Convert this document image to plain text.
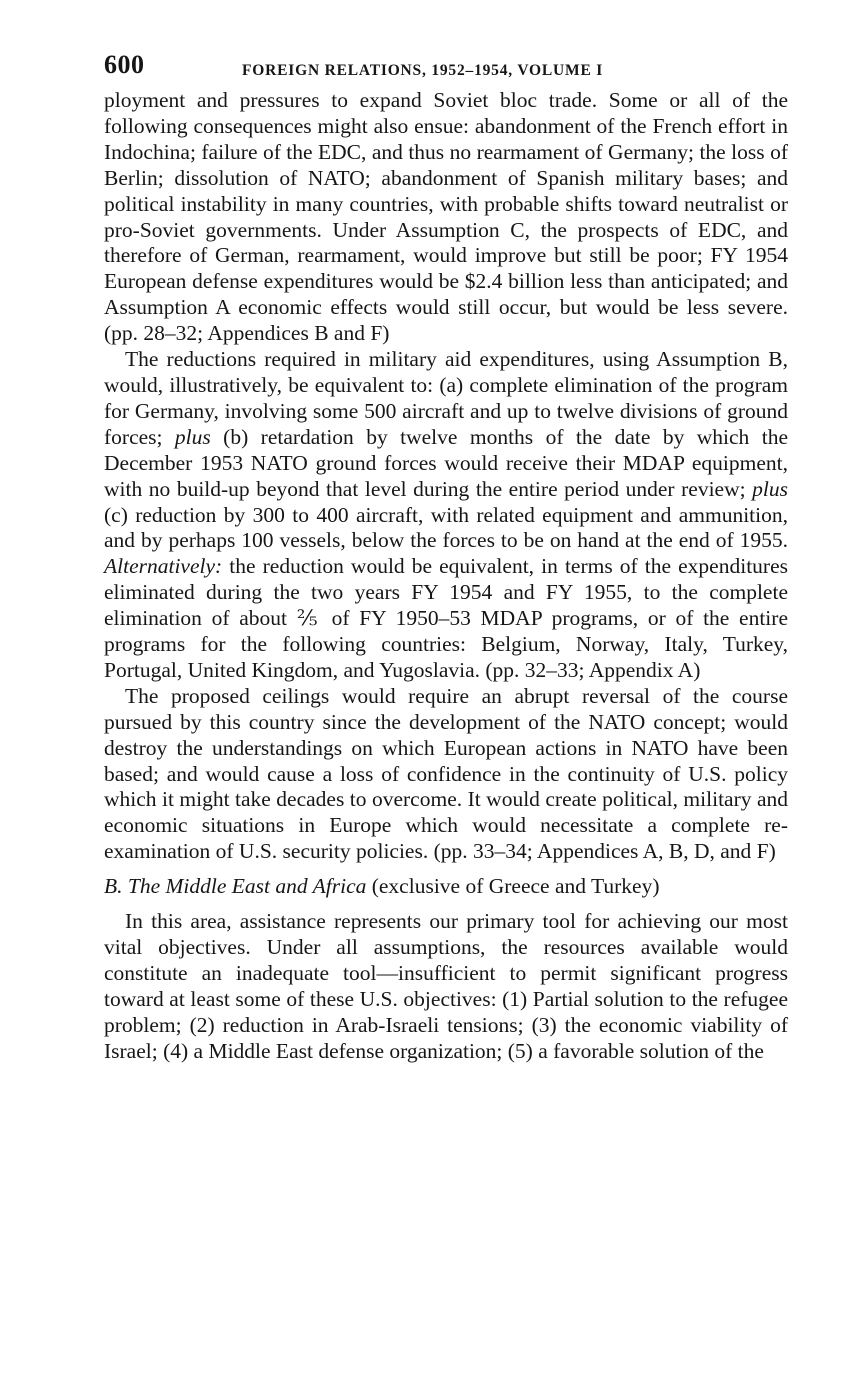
600	FOREIGN RELATIONS, 1952–1954, VOLUME I

ployment and pressures to expand Soviet bloc trade. Some or all of the following consequences might also ensue: abandonment of the French effort in Indochina; failure of the EDC, and thus no rearmament of Germany; the loss of Berlin; dissolution of NATO; abandonment of Spanish military bases; and political instability in many countries, with probable shifts toward neutralist or pro-Soviet governments. Under Assumption C, the prospects of EDC, and therefore of German, rearmament, would improve but still be poor; FY 1954 European defense expenditures would be $2.4 billion less than anticipated; and Assumption A economic effects would still occur, but would be less severe. (pp. 28–32; Appendices B and F)

The reductions required in military aid expenditures, using Assumption B, would, illustratively, be equivalent to: (a) complete elimination of the program for Germany, involving some 500 aircraft and up to twelve divisions of ground forces; plus (b) retardation by twelve months of the date by which the December 1953 NATO ground forces would receive their MDAP equipment, with no build-up beyond that level during the entire period under review; plus (c) reduction by 300 to 400 aircraft, with related equipment and ammunition, and by perhaps 100 vessels, below the forces to be on hand at the end of 1955. Alternatively: the reduction would be equivalent, in terms of the expenditures eliminated during the two years FY 1954 and FY 1955, to the complete elimination of about ⅖ of FY 1950–53 MDAP programs, or of the entire programs for the following countries: Belgium, Norway, Italy, Turkey, Portugal, United Kingdom, and Yugoslavia. (pp. 32–33; Appendix A)

The proposed ceilings would require an abrupt reversal of the course pursued by this country since the development of the NATO concept; would destroy the understandings on which European actions in NATO have been based; and would cause a loss of confidence in the continuity of U.S. policy which it might take decades to overcome. It would create political, military and economic situations in Europe which would necessitate a complete re-examination of U.S. security policies. (pp. 33–34; Appendices A, B, D, and F)

B. The Middle East and Africa (exclusive of Greece and Turkey)

In this area, assistance represents our primary tool for achieving our most vital objectives. Under all assumptions, the resources available would constitute an inadequate tool—insufficient to permit significant progress toward at least some of these U.S. objectives: (1) Partial solution to the refugee problem; (2) reduction in Arab-Israeli tensions; (3) the economic viability of Israel; (4) a Middle East defense organization; (5) a favorable solution of the
